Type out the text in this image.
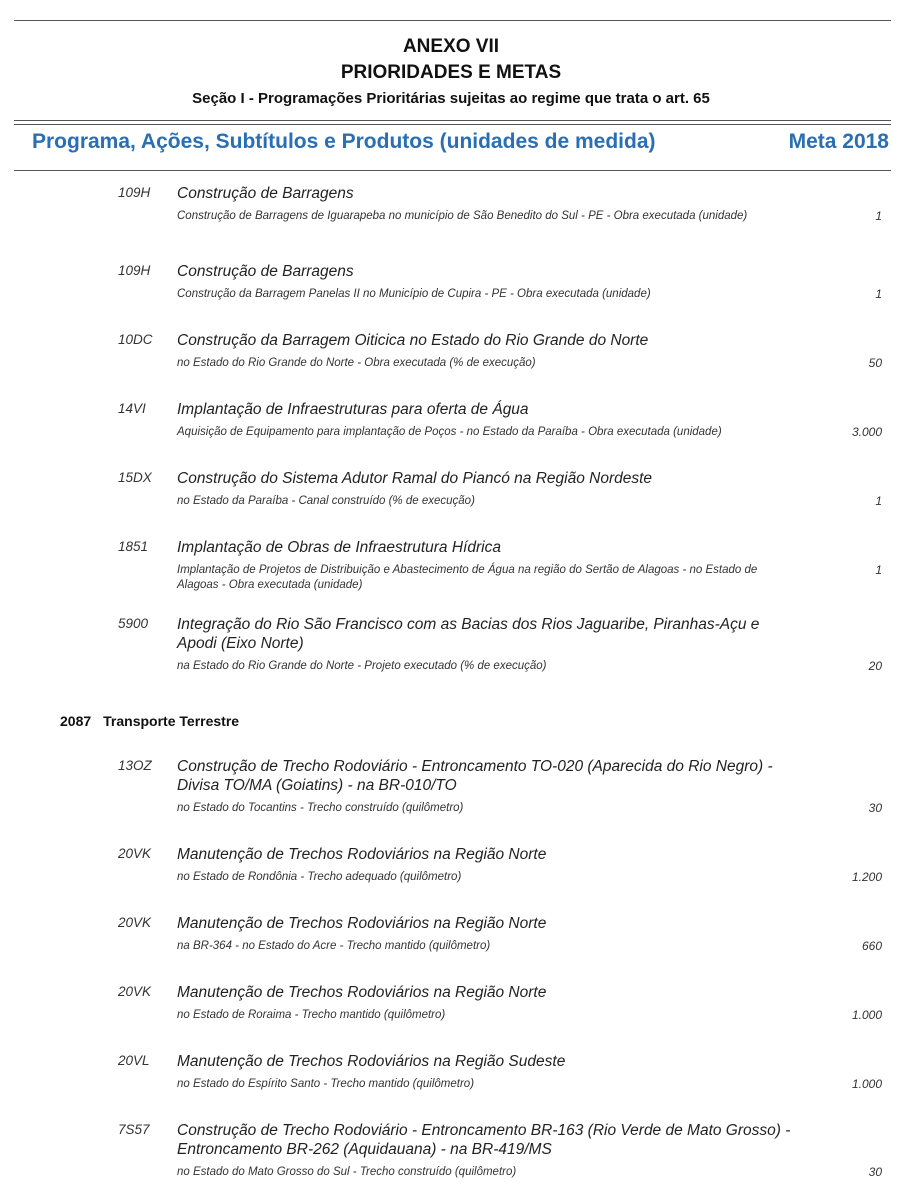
ANEXO VII
PRIORIDADES E METAS
Seção I - Programações Prioritárias sujeitas ao regime que trata o art. 65
Programa, Ações, Subtítulos e Produtos (unidades de medida)	Meta 2018
109H Construção de Barragens
Construção de Barragens de Iguarapeba no município de São Benedito do Sul - PE - Obra executada (unidade)	1
109H Construção de Barragens
Construção da Barragem Panelas II no Município de Cupira - PE - Obra executada (unidade)	1
10DC Construção da Barragem Oiticica no Estado do Rio Grande do Norte
no Estado do Rio Grande do Norte - Obra executada (% de execução)	50
14VI Implantação de Infraestruturas para oferta de Água
Aquisição de Equipamento para implantação de Poços - no Estado da Paraíba - Obra executada (unidade)	3.000
15DX Construção do Sistema Adutor Ramal do Piancó na Região Nordeste
no Estado da Paraíba - Canal construído (% de execução)	1
1851 Implantação de Obras de Infraestrutura Hídrica
Implantação de Projetos de Distribuição e Abastecimento de Água na região do Sertão de Alagoas - no Estado de Alagoas - Obra executada (unidade)
1
5900 Integração do Rio São Francisco com as Bacias dos Rios Jaguaribe, Piranhas-Açu e Apodi (Eixo Norte)
na Estado do Rio Grande do Norte - Projeto executado (% de execução)	20
2087 Transporte Terrestre
13OZ Construção de Trecho Rodoviário - Entroncamento TO-020 (Aparecida do Rio Negro) - Divisa TO/MA (Goiatins) - na BR-010/TO
no Estado do Tocantins - Trecho construído (quilômetro)	30
20VK Manutenção de Trechos Rodoviários na Região Norte
no Estado de Rondônia - Trecho adequado (quilômetro)	1.200
20VK Manutenção de Trechos Rodoviários na Região Norte
na BR-364 - no Estado do Acre - Trecho mantido (quilômetro)	660
20VK Manutenção de Trechos Rodoviários na Região Norte
no Estado de Roraima - Trecho mantido (quilômetro)	1.000
20VL Manutenção de Trechos Rodoviários na Região Sudeste
no Estado do Espírito Santo - Trecho mantido (quilômetro)	1.000
7S57 Construção de Trecho Rodoviário - Entroncamento BR-163 (Rio Verde de Mato Grosso) - Entroncamento BR-262 (Aquidauana) - na BR-419/MS
no Estado do Mato Grosso do Sul - Trecho construído (quilômetro)	30
